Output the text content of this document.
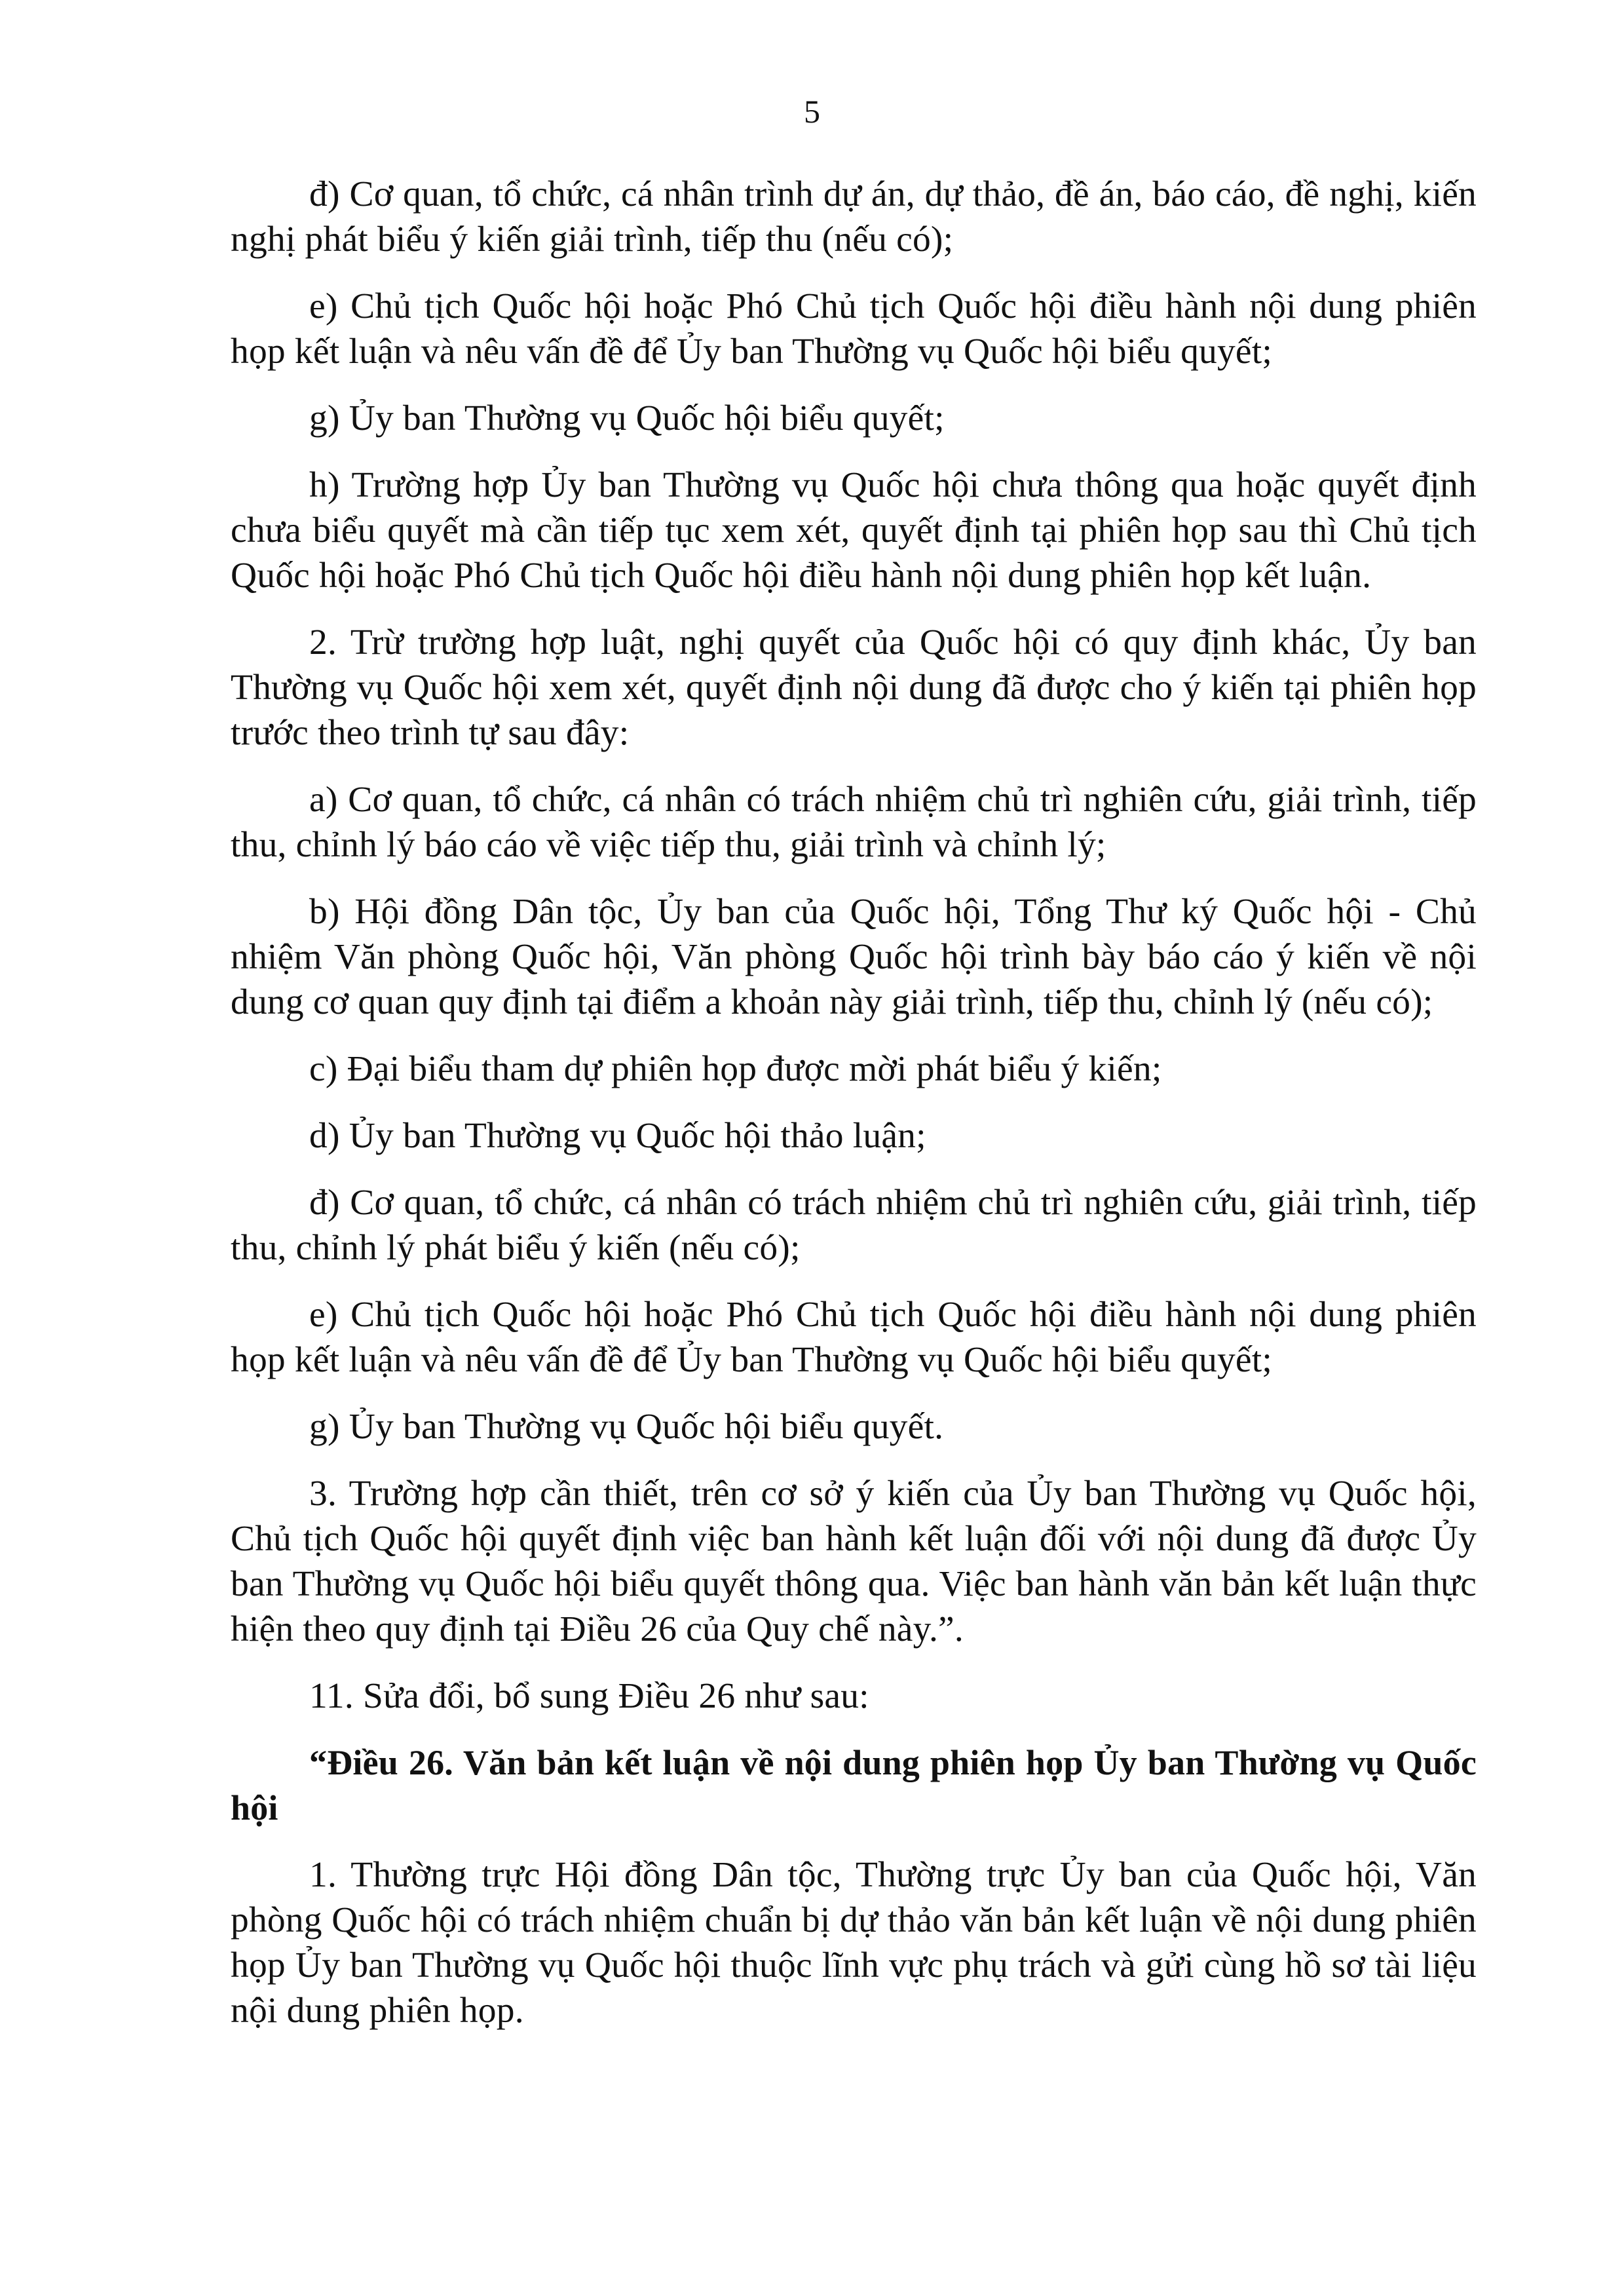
5

đ) Cơ quan, tổ chức, cá nhân trình dự án, dự thảo, đề án, báo cáo, đề nghị, kiến nghị phát biểu ý kiến giải trình, tiếp thu (nếu có);

e) Chủ tịch Quốc hội hoặc Phó Chủ tịch Quốc hội điều hành nội dung phiên họp kết luận và nêu vấn đề để Ủy ban Thường vụ Quốc hội biểu quyết;

g) Ủy ban Thường vụ Quốc hội biểu quyết;

h) Trường hợp Ủy ban Thường vụ Quốc hội chưa thông qua hoặc quyết định chưa biểu quyết mà cần tiếp tục xem xét, quyết định tại phiên họp sau thì Chủ tịch Quốc hội hoặc Phó Chủ tịch Quốc hội điều hành nội dung phiên họp kết luận.

2. Trừ trường hợp luật, nghị quyết của Quốc hội có quy định khác, Ủy ban Thường vụ Quốc hội xem xét, quyết định nội dung đã được cho ý kiến tại phiên họp trước theo trình tự sau đây:

a) Cơ quan, tổ chức, cá nhân có trách nhiệm chủ trì nghiên cứu, giải trình, tiếp thu, chỉnh lý báo cáo về việc tiếp thu, giải trình và chỉnh lý;

b) Hội đồng Dân tộc, Ủy ban của Quốc hội, Tổng Thư ký Quốc hội - Chủ nhiệm Văn phòng Quốc hội, Văn phòng Quốc hội trình bày báo cáo ý kiến về nội dung cơ quan quy định tại điểm a khoản này giải trình, tiếp thu, chỉnh lý (nếu có);

c) Đại biểu tham dự phiên họp được mời phát biểu ý kiến;

d) Ủy ban Thường vụ Quốc hội thảo luận;

đ) Cơ quan, tổ chức, cá nhân có trách nhiệm chủ trì nghiên cứu, giải trình, tiếp thu, chỉnh lý phát biểu ý kiến (nếu có);

e) Chủ tịch Quốc hội hoặc Phó Chủ tịch Quốc hội điều hành nội dung phiên họp kết luận và nêu vấn đề để Ủy ban Thường vụ Quốc hội biểu quyết;

g) Ủy ban Thường vụ Quốc hội biểu quyết.

3. Trường hợp cần thiết, trên cơ sở ý kiến của Ủy ban Thường vụ Quốc hội, Chủ tịch Quốc hội quyết định việc ban hành kết luận đối với nội dung đã được Ủy ban Thường vụ Quốc hội biểu quyết thông qua. Việc ban hành văn bản kết luận thực hiện theo quy định tại Điều 26 của Quy chế này.”.

11. Sửa đổi, bổ sung Điều 26 như sau:

“Điều 26. Văn bản kết luận về nội dung phiên họp Ủy ban Thường vụ Quốc hội

1. Thường trực Hội đồng Dân tộc, Thường trực Ủy ban của Quốc hội, Văn phòng Quốc hội có trách nhiệm chuẩn bị dự thảo văn bản kết luận về nội dung phiên họp Ủy ban Thường vụ Quốc hội thuộc lĩnh vực phụ trách và gửi cùng hồ sơ tài liệu nội dung phiên họp.
